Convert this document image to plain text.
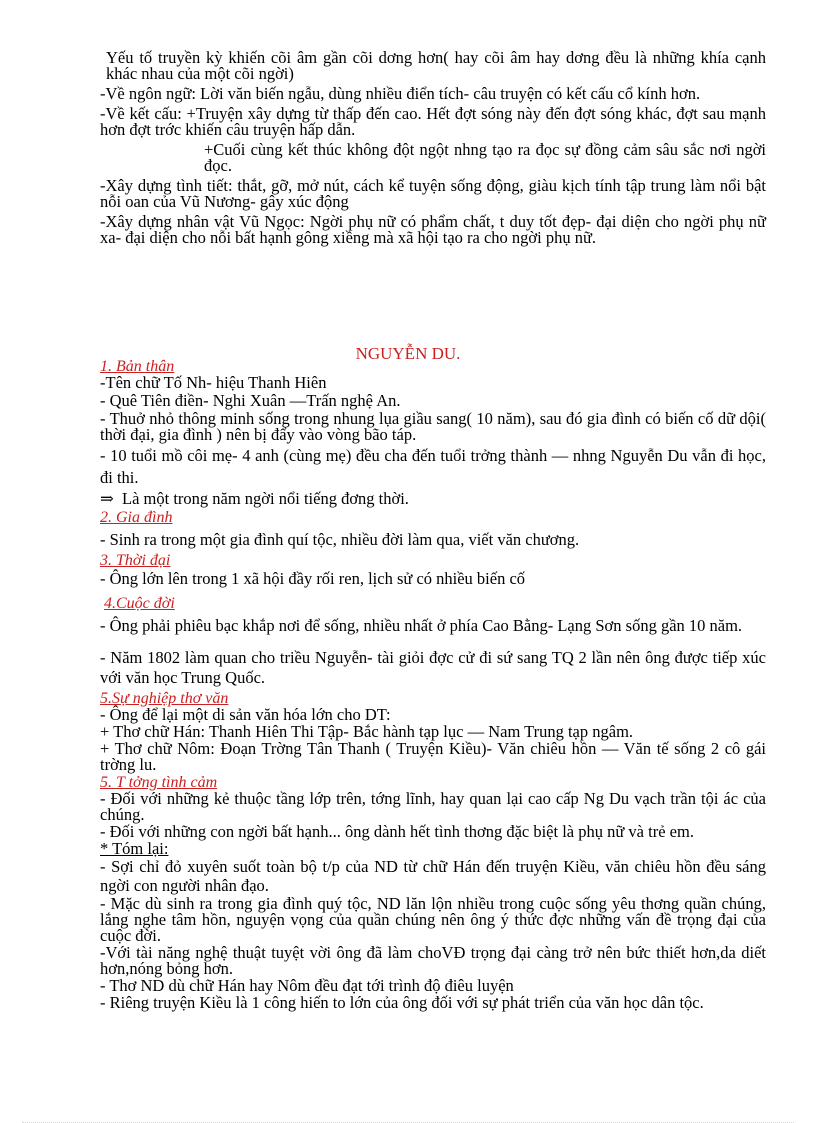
Yếu tố truyền kỳ khiến cõi âm gần cõi dơng hơn( hay cõi âm hay dơng đều là những khía cạnh khác nhau của một cõi ngời)

-Về ngôn ngữ: Lời văn biến ngẫu, dùng nhiều điển tích- câu truyện có kết cấu cổ kính hơn.

-Về kết cấu: +Truyện xây dựng từ thấp đến cao. Hết đợt sóng này đến đợt sóng khác, đợt sau mạnh hơn đợt trớc khiến câu truyện hấp dẫn.

+Cuối cùng kết thúc không đột ngột nhng tạo ra đọc sự đồng cảm sâu sắc nơi ngời đọc.

-Xây dựng tình tiết: thắt, gỡ, mở nút, cách kể tuyện sống động, giàu kịch tính tập trung làm nổi bật nỗi oan của Vũ Nương- gây xúc động

-Xây dựng nhân vật Vũ Ngọc: Ngời phụ nữ có phẩm chất, t duy tốt đẹp- đại diện cho ngời phụ nữ xa- đại diện cho nỗi bất hạnh gông xiềng mà xã hội tạo ra cho ngời phụ nữ.

NGUYỄN DU.
1. Bản thân

-Tên chữ Tố Nh- hiệu Thanh Hiên

- Quê Tiên điền- Nghi Xuân —Trấn nghệ An.

- Thuở nhỏ thông minh sống trong nhung lụa giầu sang( 10 năm), sau đó gia đình có biến cố dữ dội( thời đại, gia đình ) nên bị đẩy vào vòng bão táp.

- 10 tuổi mồ côi mẹ- 4 anh (cùng mẹ) đều cha đến tuổi trởng thành — nhng Nguyễn Du vẫn đi học, đi thi.

⇒ Là một trong năm ngời nổi tiếng đơng thời.

2. Gia đình

- Sinh ra trong một gia đình quí tộc, nhiều đời làm qua, viết văn chương.

3. Thời đại

- Ông lớn lên trong 1 xã hội đầy rối ren, lịch sử có nhiều biến cố

4.Cuộc đời

- Ông phải phiêu bạc khắp nơi để sống, nhiều nhất ở phía Cao Bằng- Lạng Sơn sống gần 10 năm.

- Năm 1802 làm quan cho triều Nguyễn- tài giỏi đợc cử đi sứ sang TQ 2 lần nên ông được tiếp xúc với văn học Trung Quốc.

5.Sự nghiệp thơ văn

- Ông để lại một di sản văn hóa lớn cho DT:

+ Thơ chữ Hán: Thanh Hiên Thi Tập- Bắc hành tạp lục — Nam Trung tạp ngâm.

+ Thơ chữ Nôm: Đoạn Trờng Tân Thanh ( Truyện Kiều)- Văn chiêu hồn — Văn tế sống 2 cô gái trờng lu.

5. T tởng tình cảm

- Đối với những kẻ thuộc tầng lớp trên, tớng lĩnh, hay quan lại cao cấp Ng Du vạch trần tội ác của chúng.

- Đối với những con ngời bất hạnh... ông dành hết tình thơng đặc biệt là phụ nữ và trẻ em.

* Tóm lại:

- Sợi chỉ đỏ xuyên suốt toàn bộ t/p của ND từ chữ Hán đến truyện Kiều, văn chiêu hồn đều sáng ngời con người nhân đạo.

- Mặc dù sinh ra trong gia đình quý tộc, ND lăn lộn nhiều trong cuộc sống yêu thơng quần chúng, lắng nghe tâm hồn, nguyện vọng của quần chúng nên ông ý thức đợc những vấn đề trọng đại của cuộc đời.

-Với tài năng nghệ thuật tuyệt vời ông đã làm choVĐ trọng đại càng trở nên bức thiết hơn,da diết hơn,nóng bỏng hơn.

- Thơ ND dù chữ Hán hay Nôm đều đạt tới trình độ điêu luyện

- Riêng truyện Kiều là 1 công hiến to lớn của ông đối với sự phát triển của văn học dân tộc.
